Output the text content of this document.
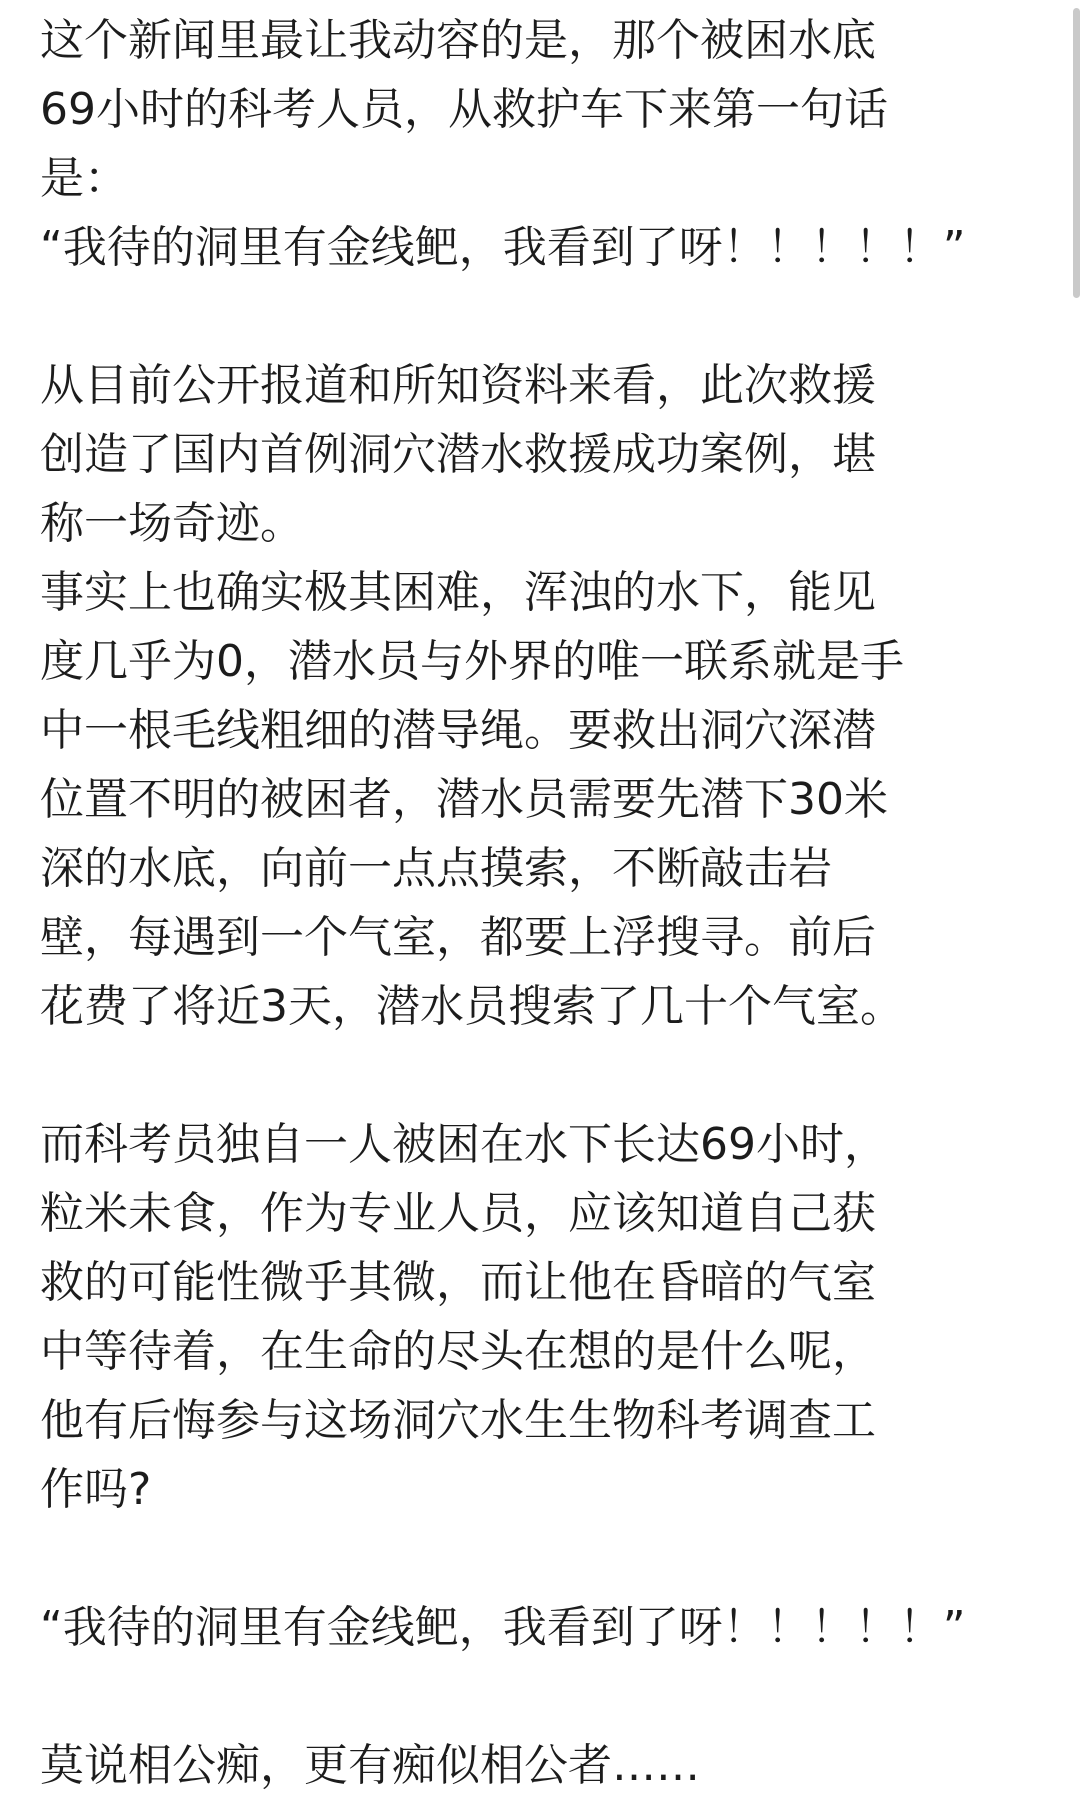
这个新闻里最让我动容的是，那个被困水底
69小时的科考人员，从救护车下来第一句话
是：
“我待的洞里有金线鲃，我看到了呀！！！！！”
从目前公开报道和所知资料来看，此次救援
创造了国内首例洞穴潜水救援成功案例，堪
称一场奇迹。
事实上也确实极其困难，浑浊的水下，能见
度几乎为0，潜水员与外界的唯一联系就是手
中一根毛线粗细的潜导绳。要救出洞穴深潜
位置不明的被困者，潜水员需要先潜下30米
深的水底，向前一点点摸索，不断敲击岩
壁，每遇到一个气室，都要上浮搜寻。前后
花费了将近3天，潜水员搜索了几十个气室。
而科考员独自一人被困在水下长达69小时，
粒米未食，作为专业人员，应该知道自己获
救的可能性微乎其微，而让他在昏暗的气室
中等待着，在生命的尽头在想的是什么呢，
他有后悔参与这场洞穴水生生物科考调查工
作吗?
“我待的洞里有金线鲃，我看到了呀！！！！！”
莫说相公痴，更有痴似相公者……
